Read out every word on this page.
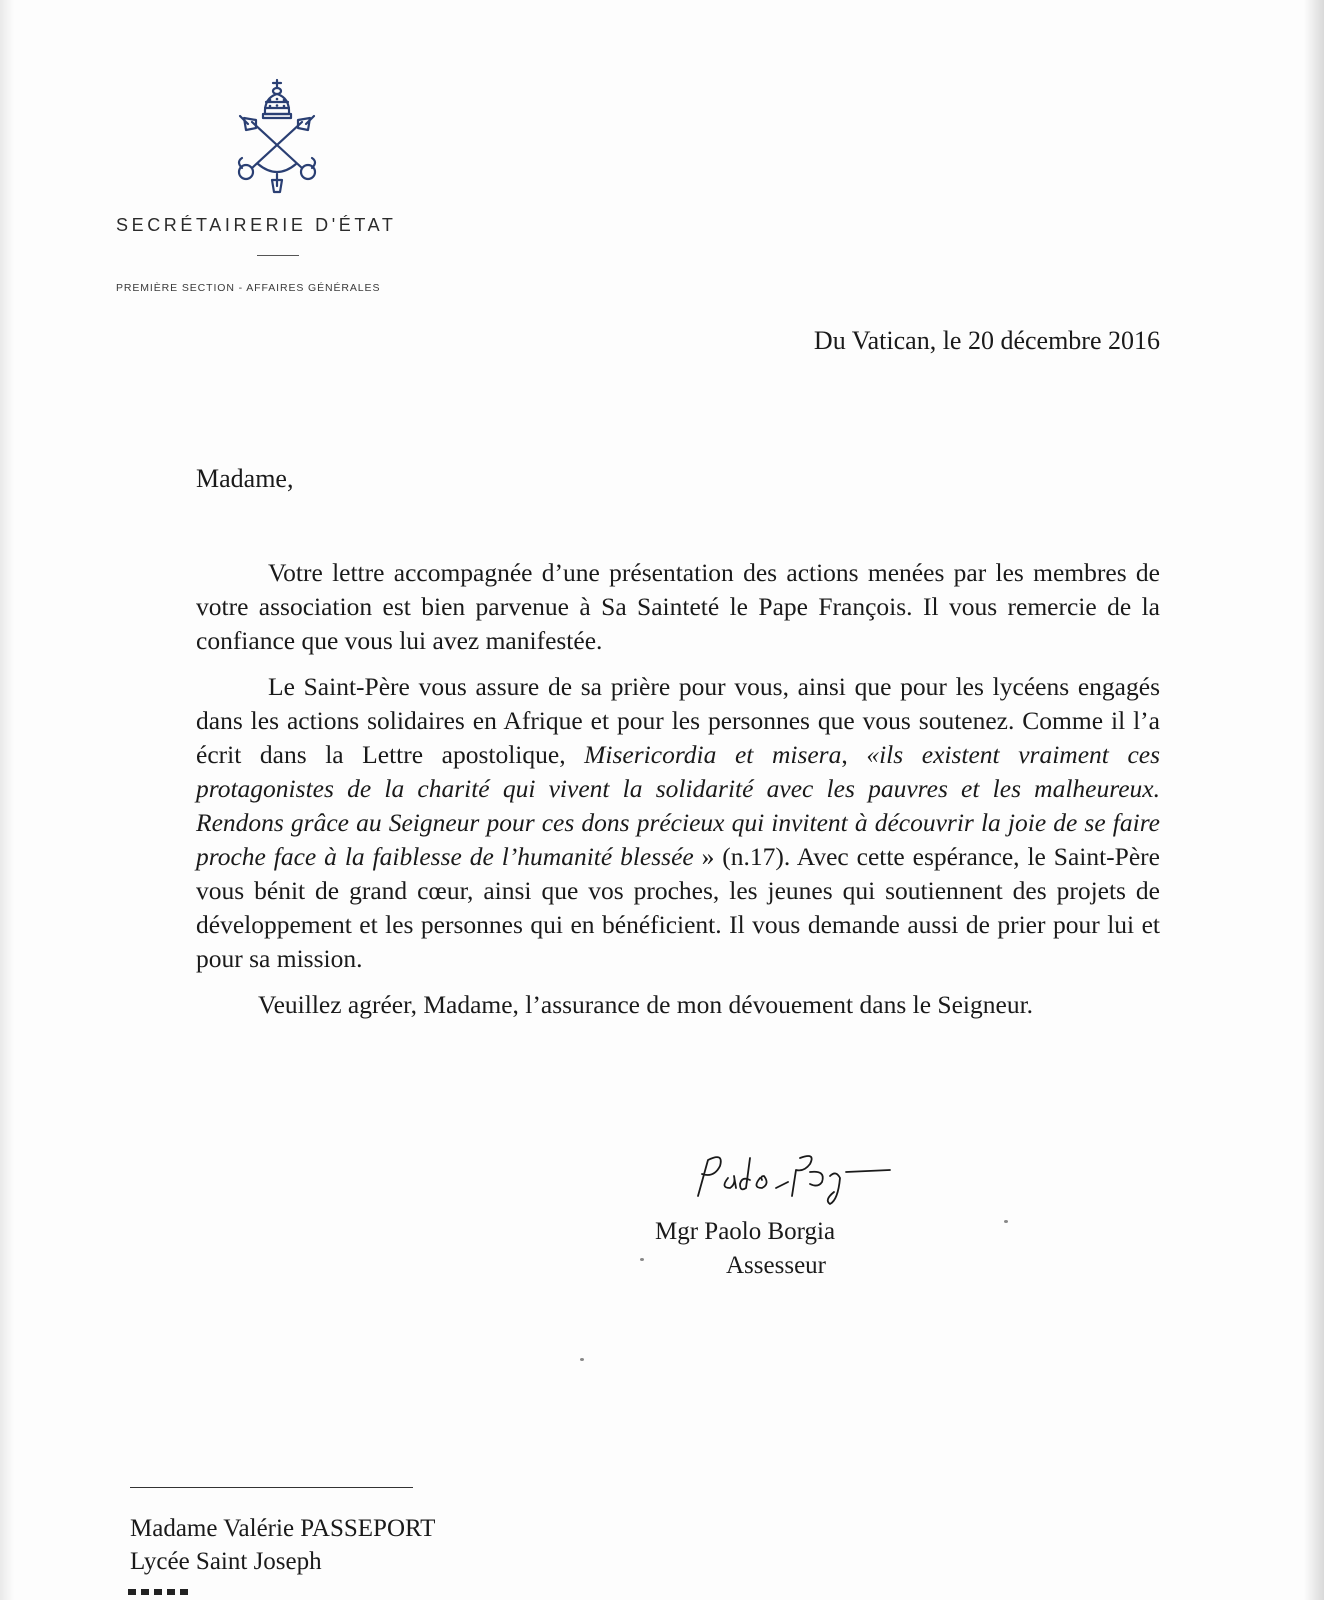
SECRÉTAIRERIE D'ÉTAT
PREMIÈRE SECTION - AFFAIRES GÉNÉRALES
Du Vatican, le 20 décembre 2016
Madame,

Votre lettre accompagnée d’une présentation des actions menées par les membres de votre association est bien parvenue à Sa Sainteté le Pape François. Il vous remercie de la confiance que vous lui avez manifestée.

Le Saint-Père vous assure de sa prière pour vous, ainsi que pour les lycéens engagés dans les actions solidaires en Afrique et pour les personnes que vous soutenez. Comme il l’a écrit dans la Lettre apostolique, Misericordia et misera, «ils existent vraiment ces protagonistes de la charité qui vivent la solidarité avec les pauvres et les malheureux. Rendons grâce au Seigneur pour ces dons précieux qui invitent à découvrir la joie de se faire proche face à la faiblesse de l’humanité blessée » (n.17). Avec cette espérance, le Saint-Père vous bénit de grand cœur, ainsi que vos proches, les jeunes qui soutiennent des projets de développement et les personnes qui en bénéficient. Il vous demande aussi de prier pour lui et pour sa mission.

Veuillez agréer, Madame, l’assurance de mon dévouement dans le Seigneur.

Mgr Paolo Borgia
Assesseur
Madame Valérie PASSEPORT
Lycée Saint Joseph
